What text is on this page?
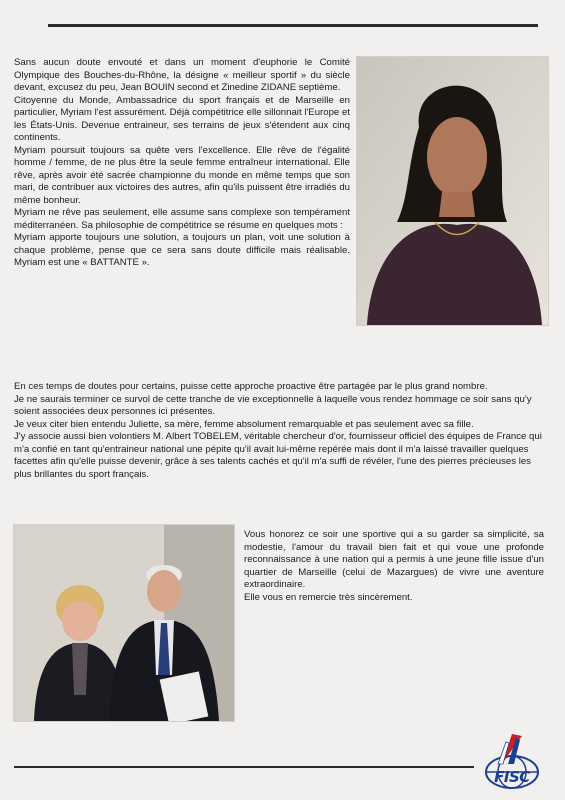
Sans aucun doute envouté et dans un moment d'euphorie le Comité Olympique des Bouches-du-Rhône, la désigne « meilleur sportif » du siècle devant, excusez du peu, Jean BOUIN second et Zinedine ZIDANE septième.

Citoyenne du Monde, Ambassadrice du sport français et de Marseille en particulier, Myriam l'est assurément. Déjà compétitrice elle sillonnait l'Europe et les États-Unis. Devenue entraineur, ses terrains de jeux s'étendent aux cinq continents.

Myriam poursuit toujours sa quête vers l'excellence. Elle rêve de l'égalité homme / femme, de ne plus être la seule femme entraîneur international. Elle rêve, après avoir été sacrée championne du monde en même temps que son mari, de contribuer aux victoires des autres, afin qu'ils puissent être irradiés du même bonheur.

Myriam ne rêve pas seulement, elle assume sans complexe son tempérament méditerranéen. Sa philosophie de compétitrice se résume en quelques mots :

Myriam apporte toujours une solution, a toujours un plan, voit une solution à chaque problème, pense que ce sera sans doute difficile mais réalisable. Myriam est une « BATTANTE ».

En ces temps de doutes pour certains, puisse cette approche proactive être partagée par le plus grand nombre.

Je ne saurais terminer ce survol de cette tranche de vie exceptionnelle à laquelle vous rendez hommage ce soir sans qu'y soient associées deux personnes ici présentes.

Je veux citer bien entendu Juliette, sa mère, femme absolument remarquable et pas seulement avec sa fille.

J'y associe aussi bien volontiers M. Albert TOBELEM, véritable chercheur d'or, fournisseur officiel des équipes de France qui m'a confié en tant qu'entraineur national une pépite qu'il avait lui-même repérée mais dont il m'a laissé travailler quelques facettes afin qu'elle puisse devenir, grâce à ses talents cachés et qu'il m'a suffi de révéler, l'une des pierres précieuses les plus brillantes du sport français.

Vous honorez ce soir une sportive qui a su garder sa simplicité, sa modestie, l'amour du travail bien fait et qui voue une profonde reconnaissance à une nation qui a permis à une jeune fille issue d'un quartier de Marseille (celui de Mazargues) de vivre une aventure extraordinaire.

Elle vous en remercie très sincèrement.

FISC
